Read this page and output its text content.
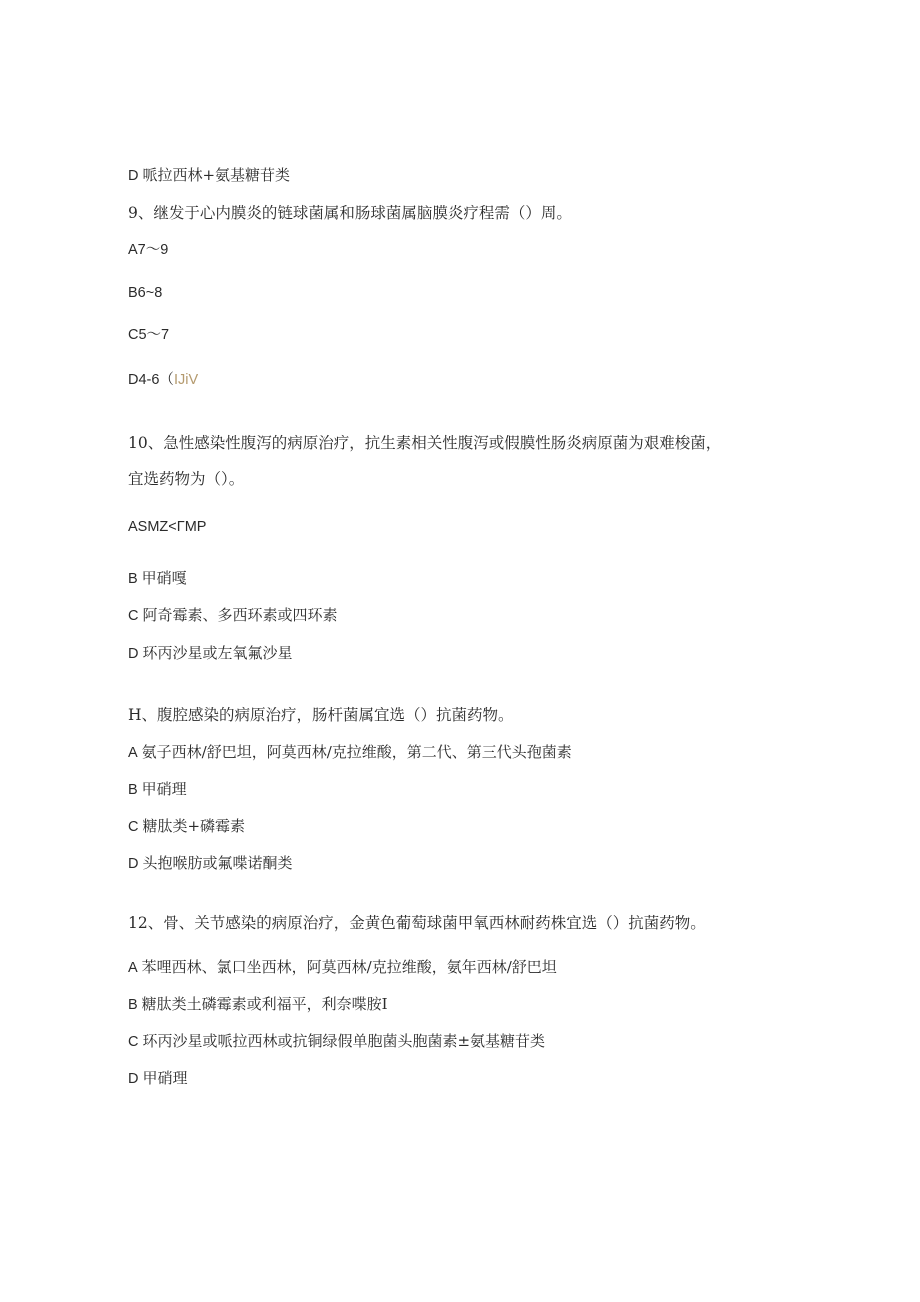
D 哌拉西林+氨基糖苷类
9、继发于心内膜炎的链球菌属和肠球菌属脑膜炎疗程需（）周。
A7～9
B6~8
C5～7
D4-6（IJiV
10、急性感染性腹泻的病原治疗，抗生素相关性腹泻或假膜性肠炎病原菌为艰难梭菌，
宜选药物为（）。
ASMZ<ΓMP
B 甲硝嘎
C 阿奇霉素、多西环素或四环素
D 环丙沙星或左氧氟沙星
H、腹腔感染的病原治疗，肠杆菌属宜选（）抗菌药物。
A 氨子西林/舒巴坦，阿莫西林/克拉维酸，第二代、第三代头孢菌素
B 甲硝理
C 糖肽类+磷霉素
D 头抱喉肪或氟喋诺酮类
12、骨、关节感染的病原治疗，金黄色葡萄球菌甲氧西林耐药株宜选（）抗菌药物。
A 苯哩西林、氯口坐西林，阿莫西林/克拉维酸，氨年西林/舒巴坦
B 糖肽类土磷霉素或利福平，利奈喋胺I
C 环丙沙星或哌拉西林或抗铜绿假单胞菌头胞菌素±氨基糖苷类
D 甲硝理
